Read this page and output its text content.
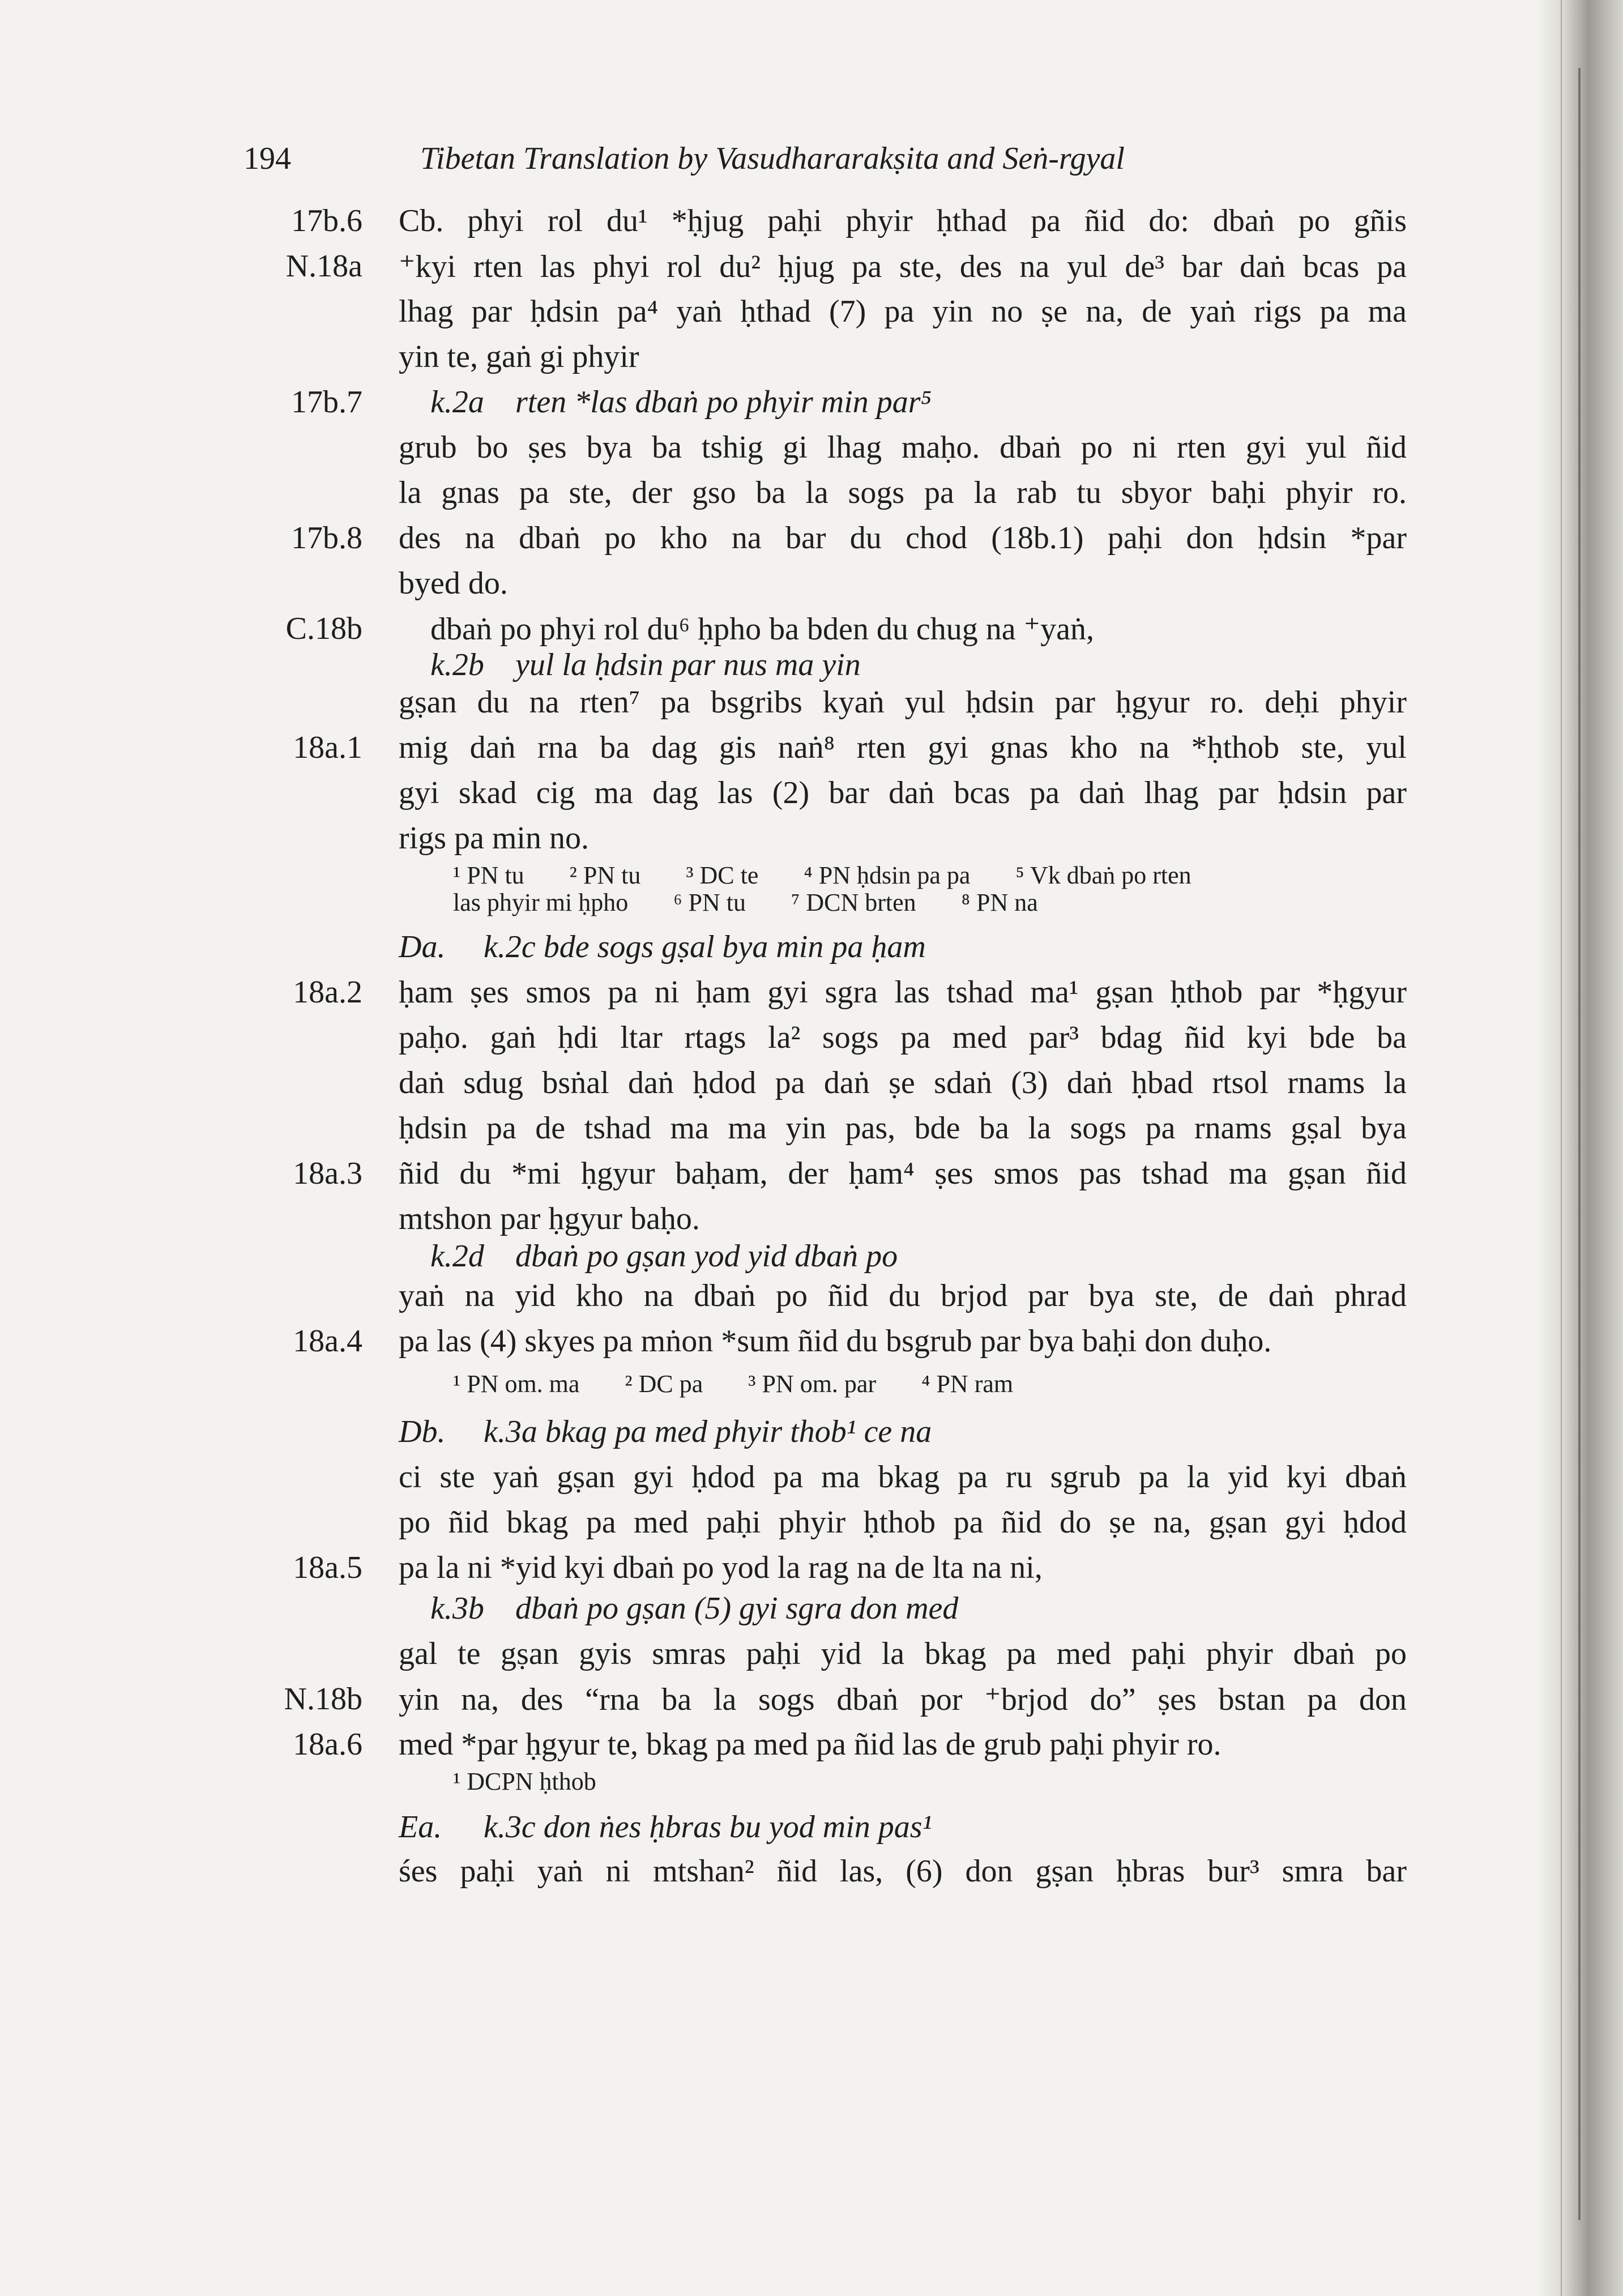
194	Tibetan Translation by Vasudhararakṣita and Seṅ-rgyal
17b.6 Cb. phyi rol du¹ *ḥjug paḥi phyir ḥthad pa ñid do: dbaṅ po gñis
N.18a ⁺kyi rten las phyi rol du² ḥjug pa ste, des na yul de³ bar daṅ bcas pa
lhag par ḥdsin pa⁴ yaṅ ḥthad (7) pa yin no ṣe na, de yaṅ rigs pa ma
yin te, gaṅ gi phyir
17b.7 k.2a rten *las dbaṅ po phyir min par⁵
grub bo ṣes bya ba tshig gi lhag maḥo. dbaṅ po ni rten gyi yul ñid
la gnas pa ste, der gso ba la sogs pa la rab tu sbyor baḥi phyir ro.
17b.8 des na dbaṅ po kho na bar du chod (18b.1) paḥi don ḥdsin *par
byed do.
C.18b dbaṅ po phyi rol du⁶ ḥpho ba bden du chug na ⁺yaṅ,
k.2b yul la ḥdsin par nus ma yin
gṣan du na rten⁷ pa bsgribs kyaṅ yul ḥdsin par ḥgyur ro. deḥi phyir
18a.1 mig daṅ rna ba dag gis naṅ⁸ rten gyi gnas kho na *ḥthob ste, yul
gyi skad cig ma dag las (2) bar daṅ bcas pa daṅ lhag par ḥdsin par
rigs pa min no.
¹ PN tu ² PN tu ³ DC te ⁴ PN ḥdsin pa pa ⁵ Vk dbaṅ po rten
las phyir mi ḥpho ⁶ PN tu ⁷ DCN brten ⁸ PN na
Da. k.2c bde sogs gṣal bya min pa ḥam
18a.2 ḥam ṣes smos pa ni ḥam gyi sgra las tshad ma¹ gṣan ḥthob par *ḥgyur
paḥo. gaṅ ḥdi ltar rtags la² sogs pa med par³ bdag ñid kyi bde ba
daṅ sdug bsṅal daṅ ḥdod pa daṅ ṣe sdaṅ (3) daṅ ḥbad rtsol rnams la
ḥdsin pa de tshad ma ma yin pas, bde ba la sogs pa rnams gṣal bya
18a.3 ñid du *mi ḥgyur baḥam, der ḥam⁴ ṣes smos pas tshad ma gṣan ñid
mtshon par ḥgyur baḥo.
k.2d dbaṅ po gṣan yod yid dbaṅ po
yaṅ na yid kho na dbaṅ po ñid du brjod par bya ste, de daṅ phrad
18a.4 pa las (4) skyes pa mṅon *sum ñid du bsgrub par bya baḥi don duḥo.
¹ PN om. ma ² DC pa ³ PN om. par ⁴ PN ram
Db. k.3a bkag pa med phyir thob¹ ce na
ci ste yaṅ gṣan gyi ḥdod pa ma bkag pa ru sgrub pa la yid kyi dbaṅ
po ñid bkag pa med paḥi phyir ḥthob pa ñid do ṣe na, gṣan gyi ḥdod
18a.5 pa la ni *yid kyi dbaṅ po yod la rag na de lta na ni,
k.3b dbaṅ po gṣan (5) gyi sgra don med
gal te gṣan gyis smras paḥi yid la bkag pa med paḥi phyir dbaṅ po
N.18b yin na, des “rna ba la sogs dbaṅ por ⁺brjod do” ṣes bstan pa don
18a.6 med *par ḥgyur te, bkag pa med pa ñid las de grub paḥi phyir ro.
¹ DCPN ḥthob
Ea. k.3c don ṅes ḥbras bu yod min pas¹
śes paḥi yaṅ ni mtshan² ñid las, (6) don gṣan ḥbras bur³ smra bar
